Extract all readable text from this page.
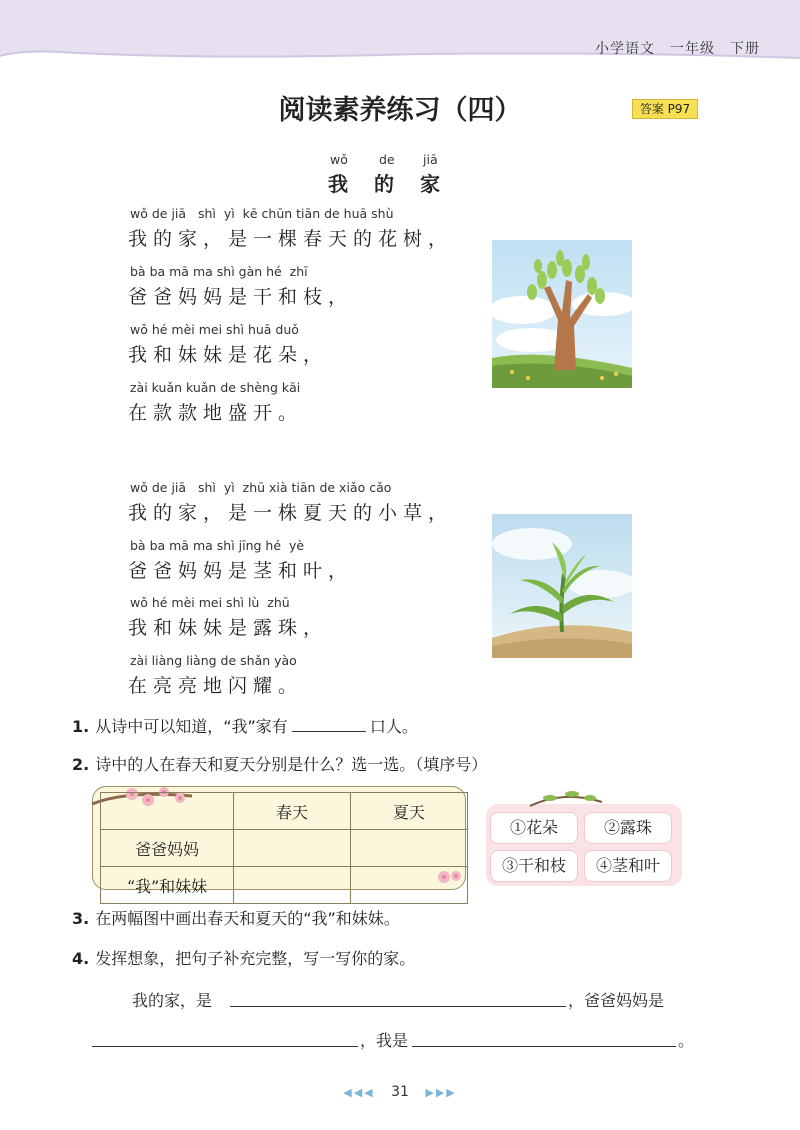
小学语文　一年级　下册
阅读素养练习（四）	答案 P97
wǒ de jiā
我的家
wǒ de jiā   shì  yì  kē chūn tiān de huā shù
我的家，是一棵春天的花树，
bà ba mā ma shì gàn hé  zhī
爸爸妈妈是干和枝，
wǒ hé mèi mei shì huā duǒ
我和妹妹是花朵，
zài kuǎn kuǎn de shèng kāi
在款款地盛开。
wǒ de jiā   shì  yì  zhū xià tiān de xiǎo cǎo
我的家，是一株夏天的小草，
bà ba mā ma shì jīng hé  yè
爸爸妈妈是茎和叶，
wǒ hé mèi mei shì lù  zhū
我和妹妹是露珠，
zài liàng liàng de shǎn yào
在亮亮地闪耀。
1. 从诗中可以知道，“我”家有	口人。
2. 诗中的人在春天和夏天分别是什么？选一选。（填序号）
	春天	夏天
爸爸妈妈		
“我”和妹妹		
①花朵	②露珠
③干和枝	④茎和叶
3. 在两幅图中画出春天和夏天的“我”和妹妹。
4. 发挥想象，把句子补充完整，写一写你的家。
我的家，是	，爸爸妈妈是
，我是	。
◀◀◀ 31 ▶▶▶
